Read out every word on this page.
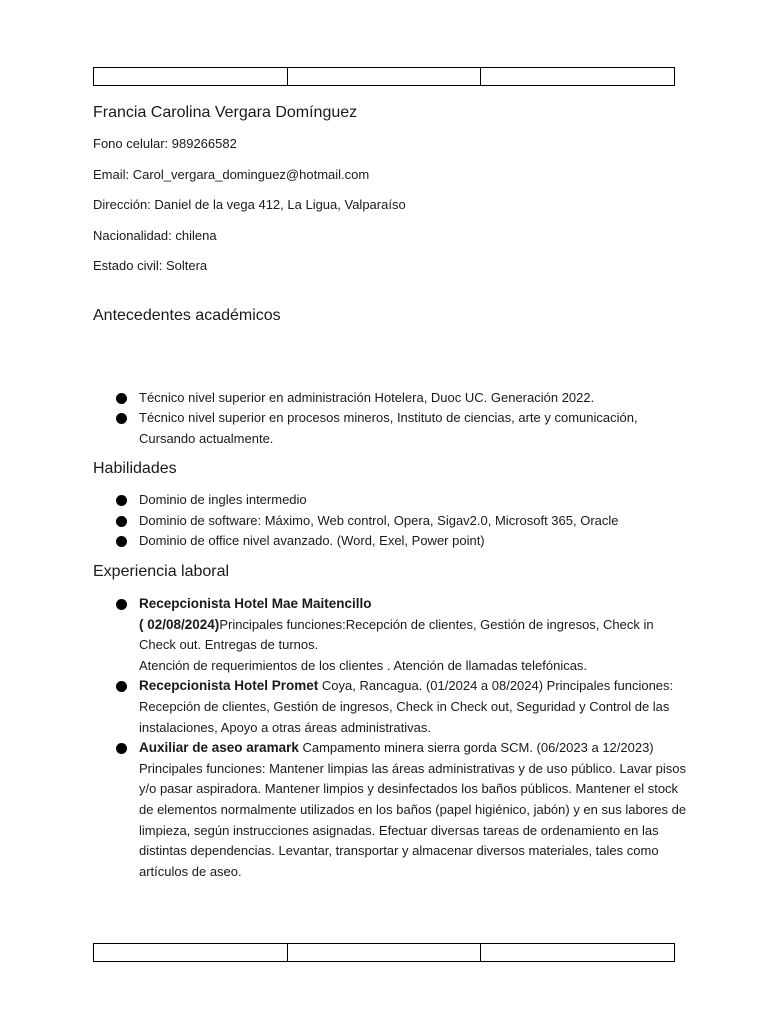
Francia Carolina Vergara Domínguez

Fono celular: 989266582

Email: Carol_vergara_dominguez@hotmail.com

Dirección: Daniel de la vega 412, La Ligua, Valparaíso

Nacionalidad: chilena

Estado civil: Soltera

Antecedentes académicos
Técnico nivel superior en administración Hotelera, Duoc UC. Generación 2022.
Técnico nivel superior en procesos mineros, Instituto de ciencias, arte y comunicación, Cursando actualmente.
Habilidades
Dominio de ingles intermedio
Dominio de software: Máximo, Web control, Opera, Sigav2.0, Microsoft 365, Oracle
Dominio de office nivel avanzado. (Word, Exel, Power point)
Experiencia laboral
Recepcionista Hotel Mae Maitencillo
( 02/08/2024)Principales funciones:Recepción de clientes, Gestión de ingresos, Check in Check out. Entregas de turnos.
Atención de requerimientos de los clientes . Atención de llamadas telefónicas.
Recepcionista Hotel Promet Coya, Rancagua. (01/2024 a 08/2024) Principales funciones: Recepción de clientes, Gestión de ingresos, Check in Check out, Seguridad y Control de las instalaciones, Apoyo a otras áreas administrativas.
Auxiliar de aseo aramark Campamento minera sierra gorda SCM. (06/2023 a 12/2023) Principales funciones: Mantener limpias las áreas administrativas y de uso público. Lavar pisos y/o pasar aspiradora. Mantener limpios y desinfectados los baños públicos. Mantener el stock de elementos normalmente utilizados en los baños (papel higiénico, jabón) y en sus labores de limpieza, según instrucciones asignadas. Efectuar diversas tareas de ordenamiento en las distintas dependencias. Levantar, transportar y almacenar diversos materiales, tales como artículos de aseo.
